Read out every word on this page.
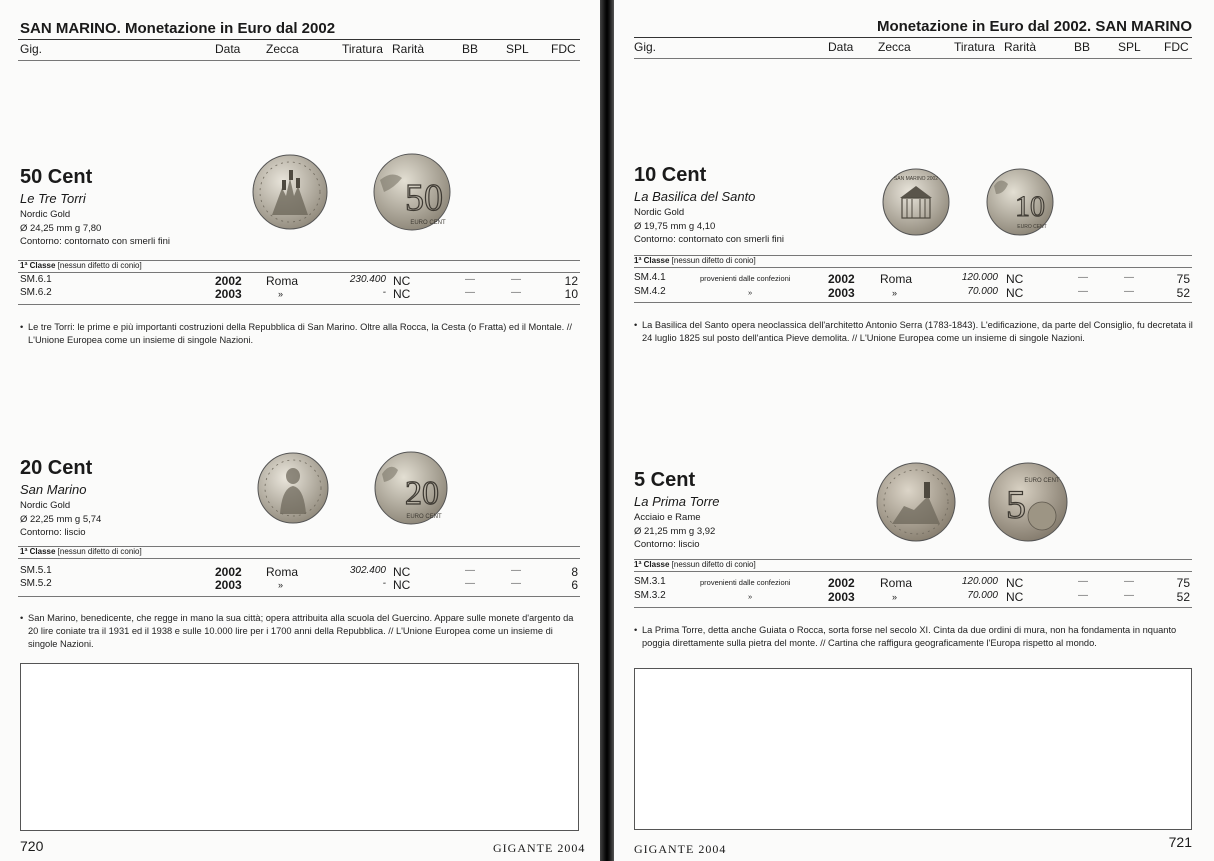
SAN MARINO. Monetazione in Euro dal 2002
Gig.	Data Zecca	Tiratura Rarità	BB SPL FDC
50 Cent
Le Tre Torri
Nordic Gold
Ø 24,25 mm g 7,80
Contorno: contornato con smerli fini
50
EURO CENT
1ª Classe [nessun difetto di conio]
SM.6.1	2002 Roma	230.400 NC	—	—	12
SM.6.2	2003	»	- NC	—	—	10
• Le tre Torri: le prime e più importanti costruzioni della Repubblica di San Marino. Oltre alla Rocca, la Cesta (o Fratta) ed il Montale. // L'Unione Europea come un insieme di singole Nazioni.
20 Cent
San Marino
Nordic Gold
Ø 22,25 mm g 5,74
Contorno: liscio
20
EURO CENT
1ª Classe [nessun difetto di conio]
SM.5.1	2002 Roma	302.400 NC	—	—	8
SM.5.2	2003	»	- NC	—	—	6
• San Marino, benedicente, che regge in mano la sua città; opera attribuita alla scuola del Guercino. Appare sulle monete d'argento da 20 lire coniate tra il 1931 ed il 1938 e sulle 10.000 lire per i 1700 anni della Repubblica. // L'Unione Europea come un insieme di singole Nazioni.
720	GIGANTE 2004
Monetazione in Euro dal 2002. SAN MARINO
Gig.	Data Zecca	Tiratura Rarità	BB SPL FDC
10 Cent
La Basilica del Santo
Nordic Gold
Ø 19,75 mm g 4,10
Contorno: contornato con smerli fini
SAN MARINO 2002
10
EURO CENT
1ª Classe [nessun difetto di conio]
SM.4.1	provenienti dalle confezioni	2002 Roma	120.000 NC	—	—	75
SM.4.2	»	2003	»	70.000 NC	—	—	52
• La Basilica del Santo opera neoclassica dell'architetto Antonio Serra (1783-1843). L'edificazione, da parte del Consiglio, fu decretata il 24 luglio 1825 sul posto dell'antica Pieve demolita. // L'Unione Europea come un insieme di singole Nazioni.
5 Cent
La Prima Torre
Acciaio e Rame
Ø 21,25 mm g 3,92
Contorno: liscio
5
EURO CENT
1ª Classe [nessun difetto di conio]
SM.3.1	provenienti dalle confezioni	2002 Roma	120.000 NC	—	—	75
SM.3.2	»	2003	»	70.000 NC	—	—	52
• La Prima Torre, detta anche Guiata o Rocca, sorta forse nel secolo XI. Cinta da due ordini di mura, non ha fondamenta in nquanto poggia direttamente sulla pietra del monte. // Cartina che raffigura geograficamente l'Europa rispetto al mondo.
GIGANTE 2004	721
